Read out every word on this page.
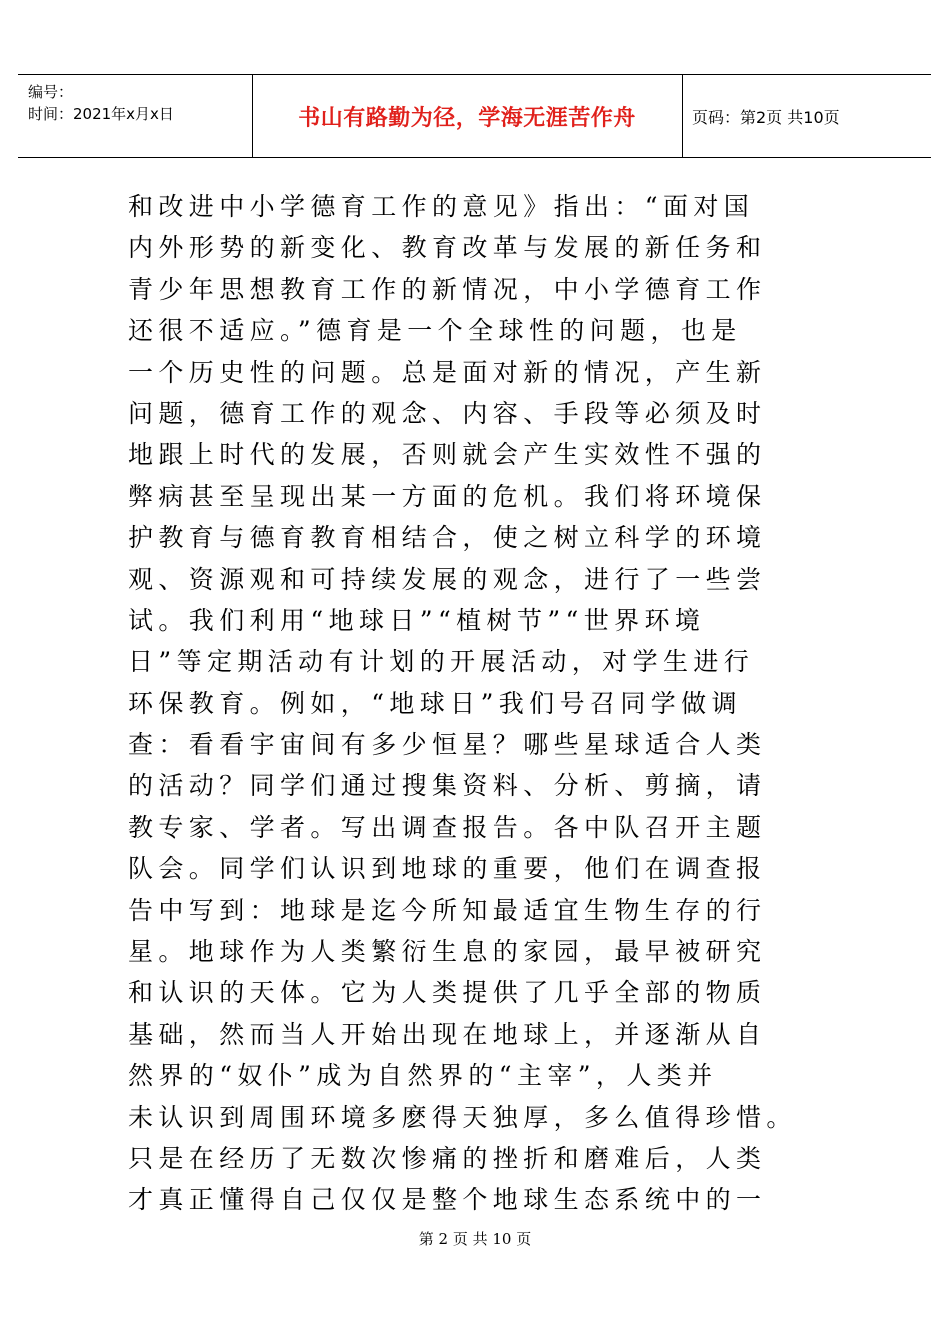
编号：
时间：2021年x月x日	书山有路勤为径，学海无涯苦作舟	页码：第2页 共10页
和改进中小学德育工作的意见》指出：“面对国
内外形势的新变化、教育改革与发展的新任务和
青少年思想教育工作的新情况，中小学德育工作
还很不适应。”德育是一个全球性的问题，也是
一个历史性的问题。总是面对新的情况，产生新
问题，德育工作的观念、内容、手段等必须及时
地跟上时代的发展，否则就会产生实效性不强的
弊病甚至呈现出某一方面的危机。我们将环境保
护教育与德育教育相结合，使之树立科学的环境
观、资源观和可持续发展的观念，进行了一些尝
试。我们利用“地球日”“植树节”“世界环境
日”等定期活动有计划的开展活动，对学生进行
环保教育。例如，“地球日”我们号召同学做调
查：看看宇宙间有多少恒星？哪些星球适合人类
的活动？同学们通过搜集资料、分析、剪摘，请
教专家、学者。写出调查报告。各中队召开主题
队会。同学们认识到地球的重要，他们在调查报
告中写到：地球是迄今所知最适宜生物生存的行
星。地球作为人类繁衍生息的家园，最早被研究
和认识的天体。它为人类提供了几乎全部的物质
基础，然而当人开始出现在地球上，并逐渐从自
然界的“奴仆”成为自然界的“主宰”，人类并
未认识到周围环境多麽得天独厚，多么值得珍惜。
只是在经历了无数次惨痛的挫折和磨难后，人类
才真正懂得自己仅仅是整个地球生态系统中的一
第 2 页 共 10 页
